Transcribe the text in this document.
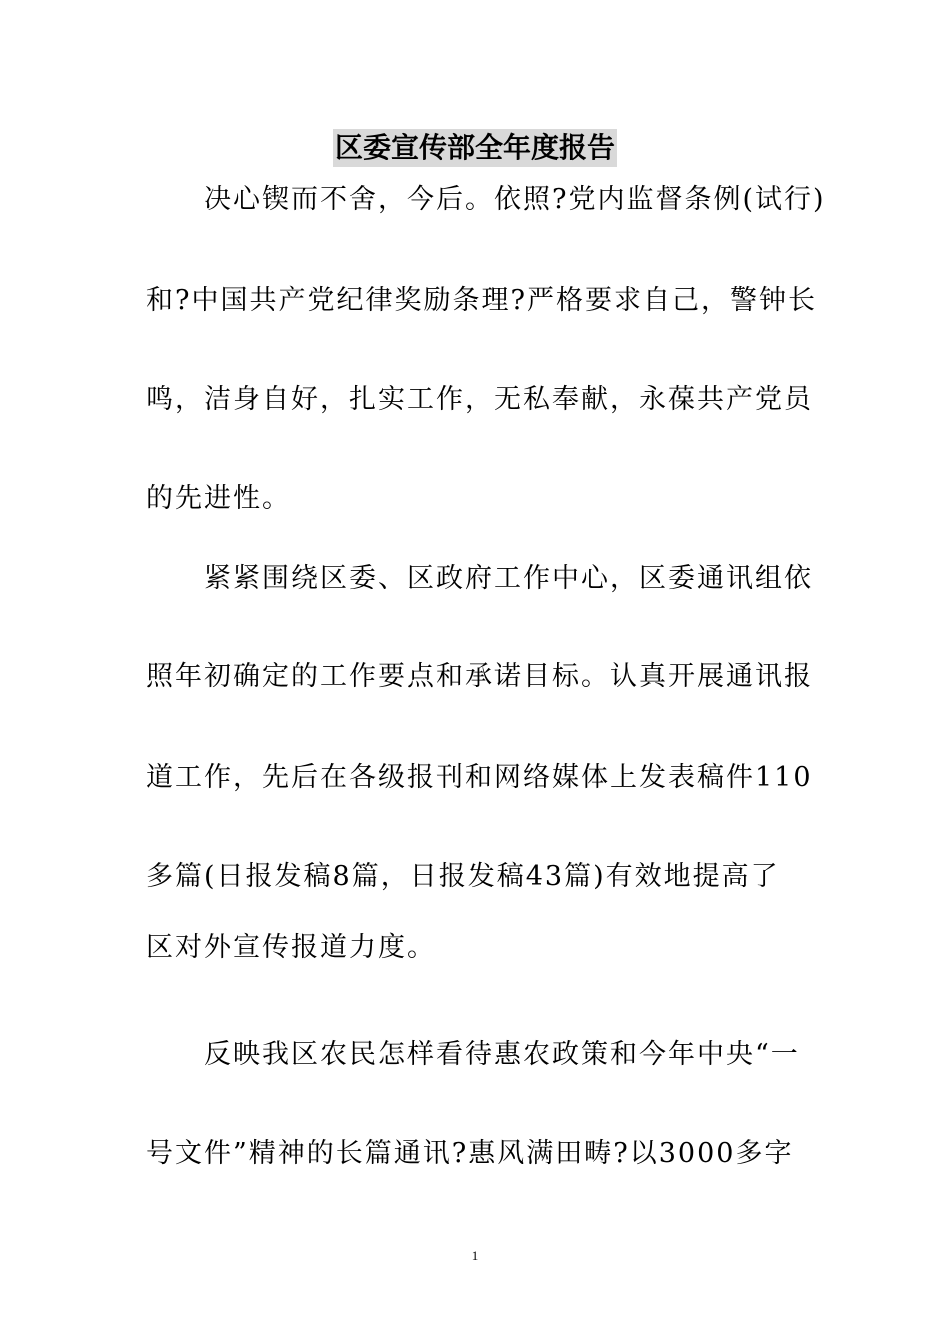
区委宣传部全年度报告
决心锲而不舍，今后。依照?党内监督条例(试行)
和?中国共产党纪律奖励条理?严格要求自己，警钟长
鸣，洁身自好，扎实工作，无私奉献，永葆共产党员
的先进性。
紧紧围绕区委、区政府工作中心，区委通讯组依
照年初确定的工作要点和承诺目标。认真开展通讯报
道工作，先后在各级报刊和网络媒体上发表稿件110
多篇(日报发稿8篇，日报发稿43篇)有效地提高了
区对外宣传报道力度。
反映我区农民怎样看待惠农政策和今年中央“一
号文件”精神的长篇通讯?惠风满田畴?以3000多字
1
